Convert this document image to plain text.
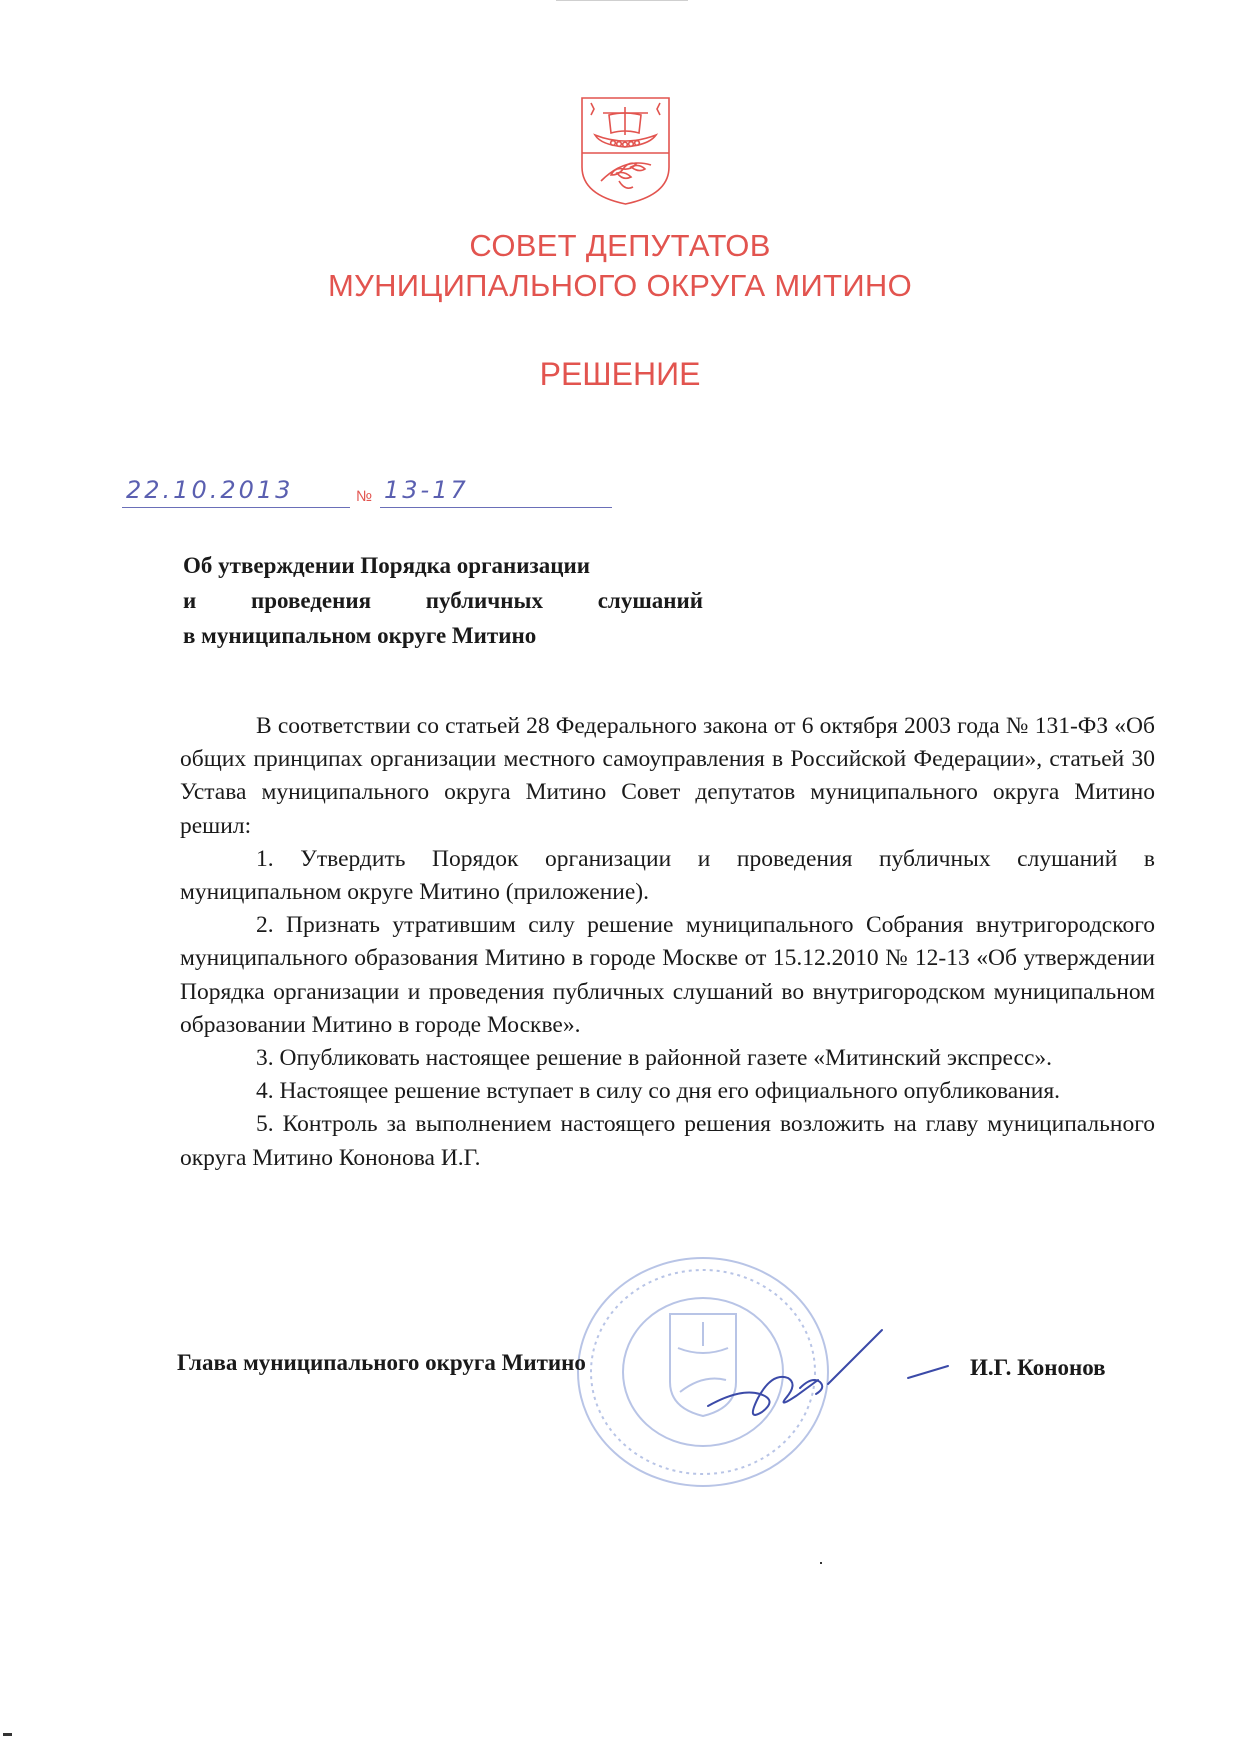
СОВЕТ ДЕПУТАТОВ
МУНИЦИПАЛЬНОГО ОКРУГА МИТИНО
РЕШЕНИЕ
22.10.2013	№ 13-17
Об утверждении Порядка организации
и проведения публичных слушаний
в муниципальном округе Митино

В соответствии со статьей 28 Федерального закона от 6 октября 2003 года № 131-ФЗ «Об общих принципах организации местного самоуправления в Российской Федерации», статьей 30 Устава муниципального округа Митино Совет депутатов муниципального округа Митино решил:

1. Утвердить Порядок организации и проведения публичных слушаний в муниципальном округе Митино (приложение).

2. Признать утратившим силу решение муниципального Собрания внутригородского муниципального образования Митино в городе Москве от 15.12.2010 № 12-13 «Об утверждении Порядка организации и проведения публичных слушаний во внутригородском муниципальном образовании Митино в городе Москве».

3. Опубликовать настоящее решение в районной газете «Митинский экспресс».

4. Настоящее решение вступает в силу со дня его официального опубликования.

5. Контроль за выполнением настоящего решения возложить на главу муниципального округа Митино Кононова И.Г.

Глава муниципального округа Митино	И.Г. Кононов
